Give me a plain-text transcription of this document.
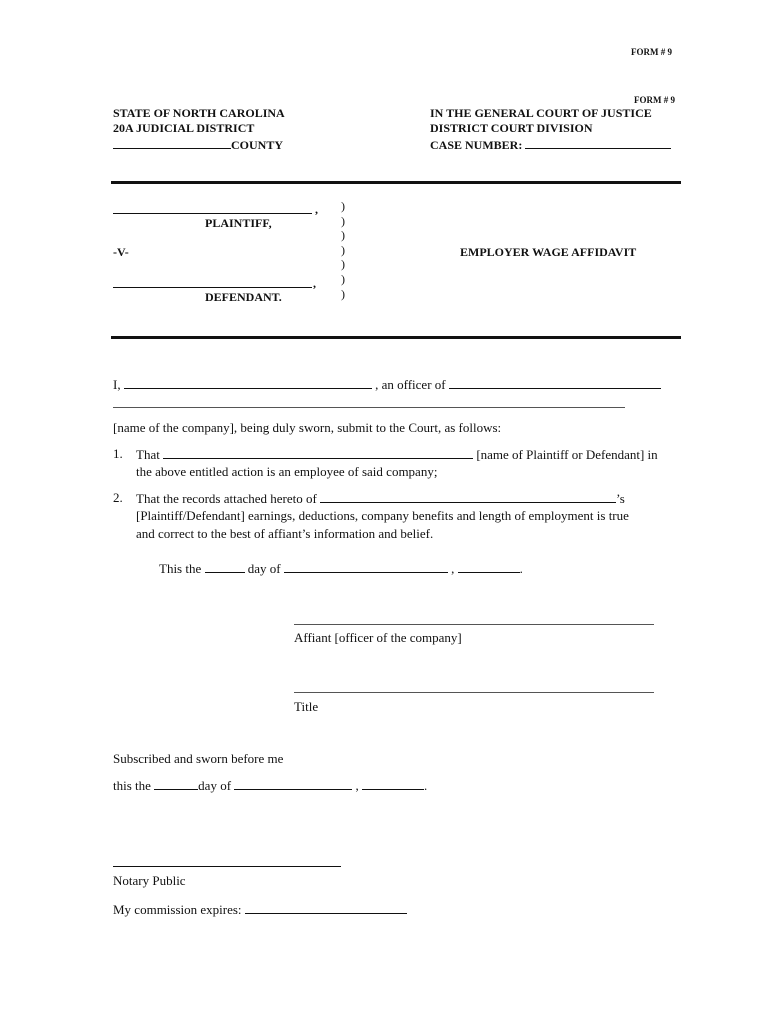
FORM # 9
FORM # 9
STATE OF NORTH CAROLINA
20A JUDICIAL DISTRICT
COUNTY
IN THE GENERAL COURT OF JUSTICE
DISTRICT COURT DIVISION
CASE NUMBER:
,
PLAINTIFF,
-V-
,
DEFENDANT.
)
)
)
)
)
)
)
EMPLOYER WAGE AFFIDAVIT
I,	, an officer of
[name of the company], being duly sworn, submit to the Court, as follows:
1. That	[name of Plaintiff or Defendant] in
the above entitled action is an employee of said company;
2. That the records attached hereto of	’s
[Plaintiff/Defendant] earnings, deductions, company benefits and length of employment is true
and correct to the best of affiant’s information and belief.
This the	day of	,	.
Affiant [officer of the company]
Title
Subscribed and sworn before me
this the	day of	,	.
Notary Public
My commission expires:
